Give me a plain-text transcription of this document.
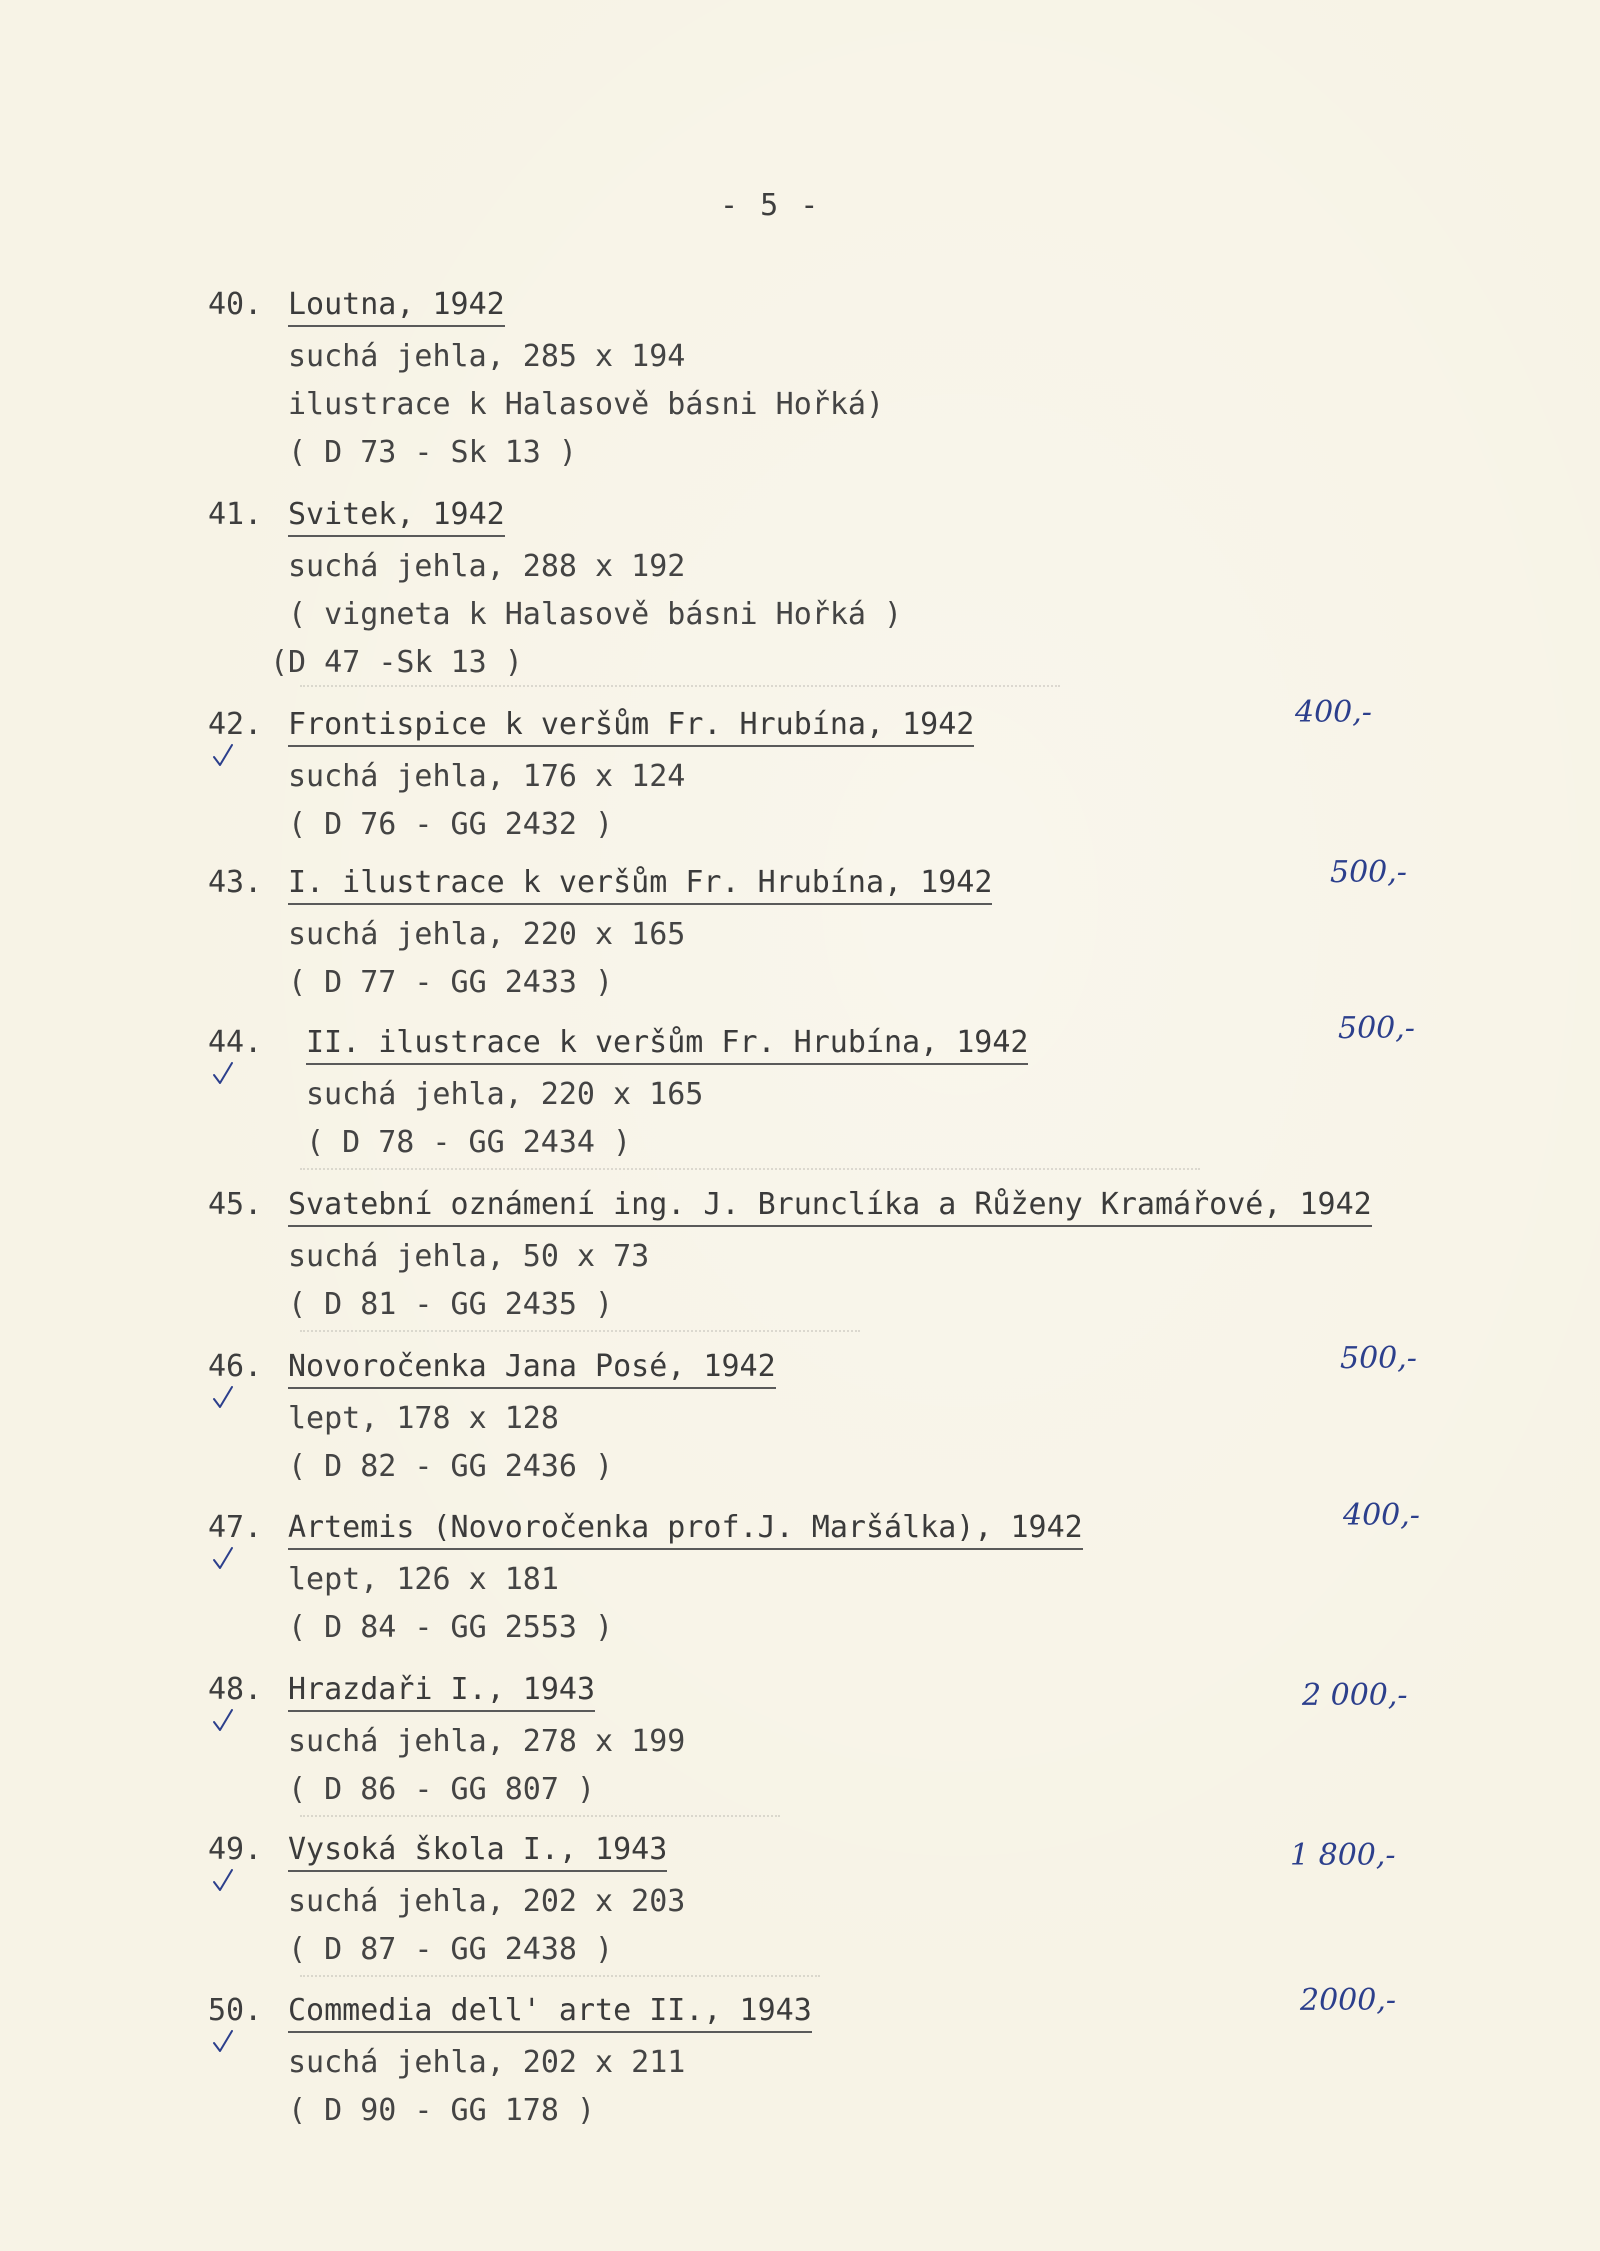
- 5 -
40. Loutna, 1942
suchá jehla, 285 x 194
ilustrace k Halasově básni Hořká)
( D 73 - Sk 13 )
41. Svitek, 1942
suchá jehla, 288 x 192
( vigneta k Halasově básni Hořká )
(D 47 -Sk 13 )
42. Frontispice k veršům Fr. Hrubína, 1942
suchá jehla, 176 x 124
( D 76 - GG 2432 )
400,-
43. I. ilustrace k veršům Fr. Hrubína, 1942
suchá jehla, 220 x 165
( D 77 - GG 2433 )
500,-
44. II. ilustrace k veršům Fr. Hrubína, 1942
suchá jehla, 220 x 165
( D 78 - GG 2434 )
500,-
45. Svatební oznámení ing. J. Brunclíka a Růženy Kramářové, 1942
suchá jehla, 50 x 73
( D 81 - GG 2435 )
46. Novoročenka Jana Posé, 1942
lept, 178 x 128
( D 82 - GG 2436 )
500,-
47. Artemis (Novoročenka prof.J. Maršálka), 1942
lept, 126 x 181
( D 84 - GG 2553 )
400,-
48. Hrazdaři I., 1943
suchá jehla, 278 x 199
( D 86 - GG 807 )
2 000,-
49. Vysoká škola I., 1943
suchá jehla, 202 x 203
( D 87 - GG 2438 )
1 800,-
50. Commedia dell' arte II., 1943
suchá jehla, 202 x 211
( D 90 - GG 178 )
2000,-
